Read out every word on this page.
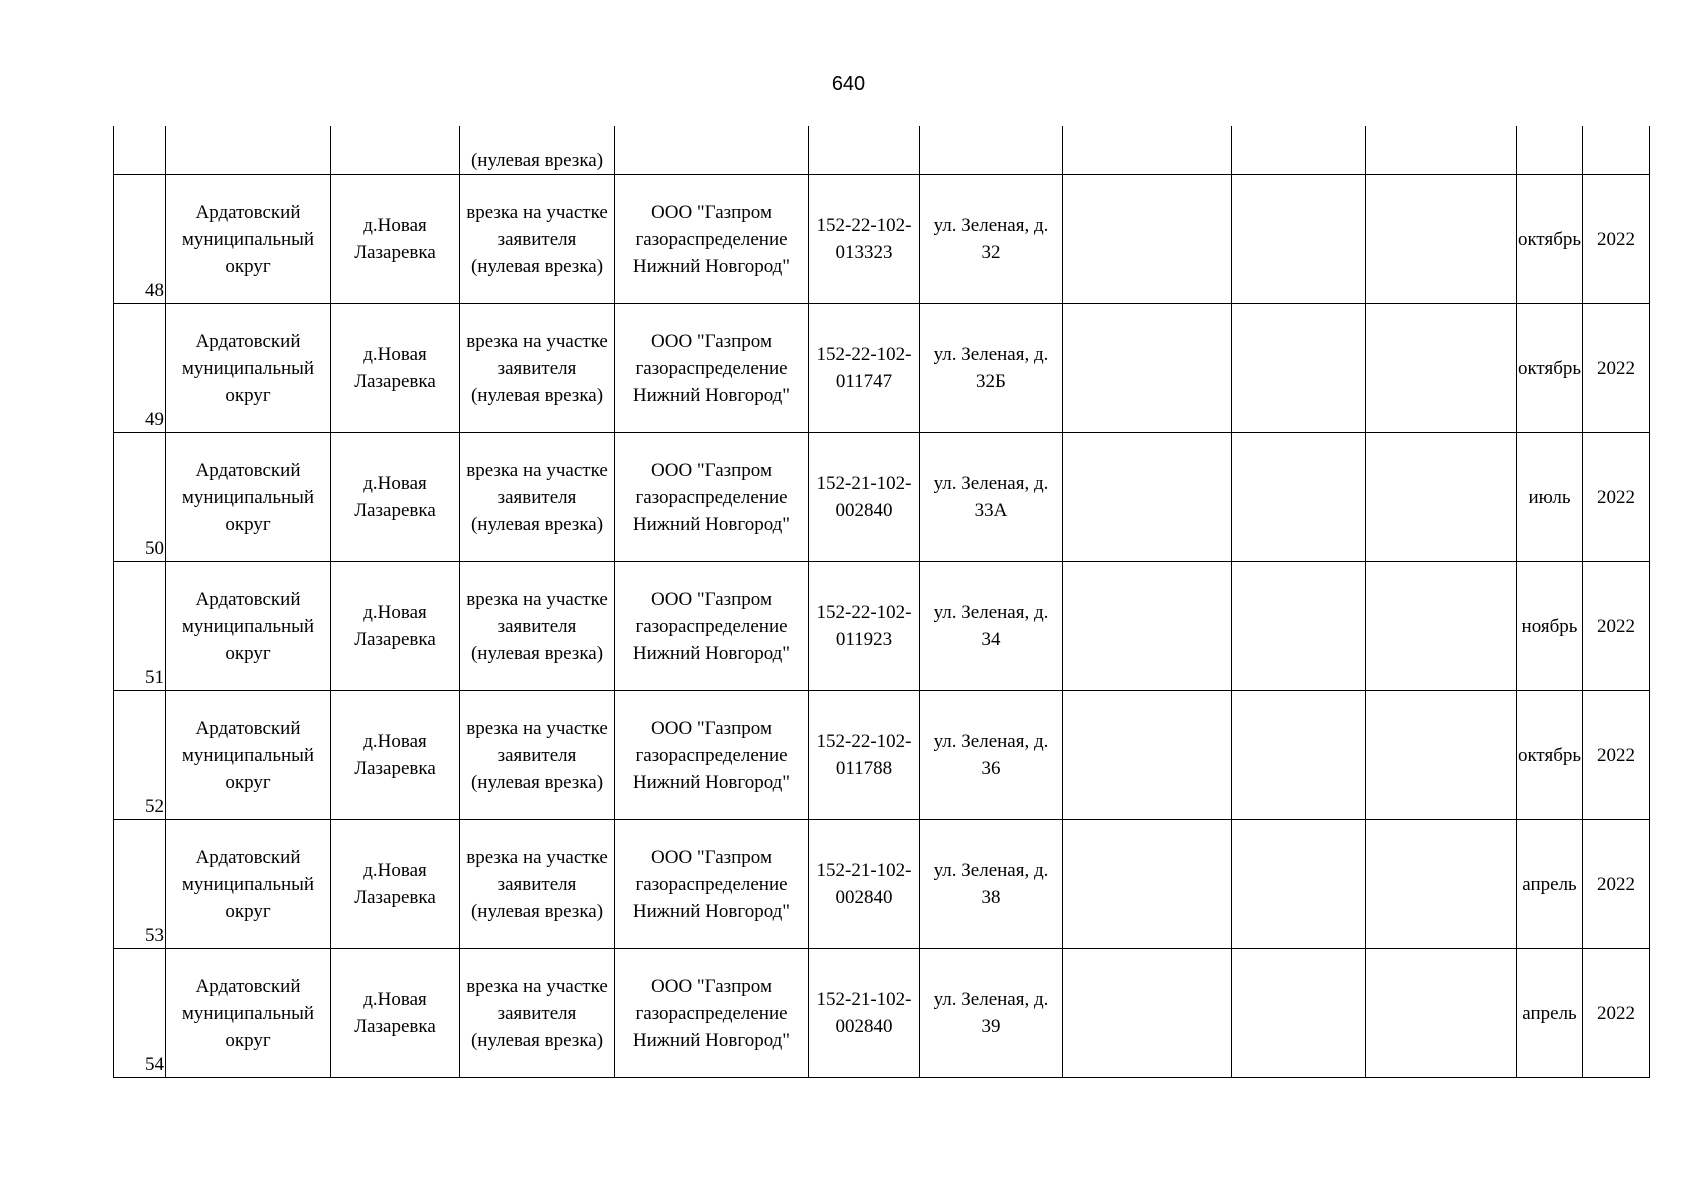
640
			(нулевая врезка)								
48	Ардатовский муниципальный округ	д.Новая Лазаревка	врезка на участке заявителя (нулевая врезка)	ООО "Газпром газораспределение Нижний Новгород"	152-22-102-013323	ул. Зеленая, д. 32				октябрь	2022
49	Ардатовский муниципальный округ	д.Новая Лазаревка	врезка на участке заявителя (нулевая врезка)	ООО "Газпром газораспределение Нижний Новгород"	152-22-102-011747	ул. Зеленая, д. 32Б				октябрь	2022
50	Ардатовский муниципальный округ	д.Новая Лазаревка	врезка на участке заявителя (нулевая врезка)	ООО "Газпром газораспределение Нижний Новгород"	152-21-102-002840	ул. Зеленая, д. 33А				июль	2022
51	Ардатовский муниципальный округ	д.Новая Лазаревка	врезка на участке заявителя (нулевая врезка)	ООО "Газпром газораспределение Нижний Новгород"	152-22-102-011923	ул. Зеленая, д. 34				ноябрь	2022
52	Ардатовский муниципальный округ	д.Новая Лазаревка	врезка на участке заявителя (нулевая врезка)	ООО "Газпром газораспределение Нижний Новгород"	152-22-102-011788	ул. Зеленая, д. 36				октябрь	2022
53	Ардатовский муниципальный округ	д.Новая Лазаревка	врезка на участке заявителя (нулевая врезка)	ООО "Газпром газораспределение Нижний Новгород"	152-21-102-002840	ул. Зеленая, д. 38				апрель	2022
54	Ардатовский муниципальный округ	д.Новая Лазаревка	врезка на участке заявителя (нулевая врезка)	ООО "Газпром газораспределение Нижний Новгород"	152-21-102-002840	ул. Зеленая, д. 39				апрель	2022
